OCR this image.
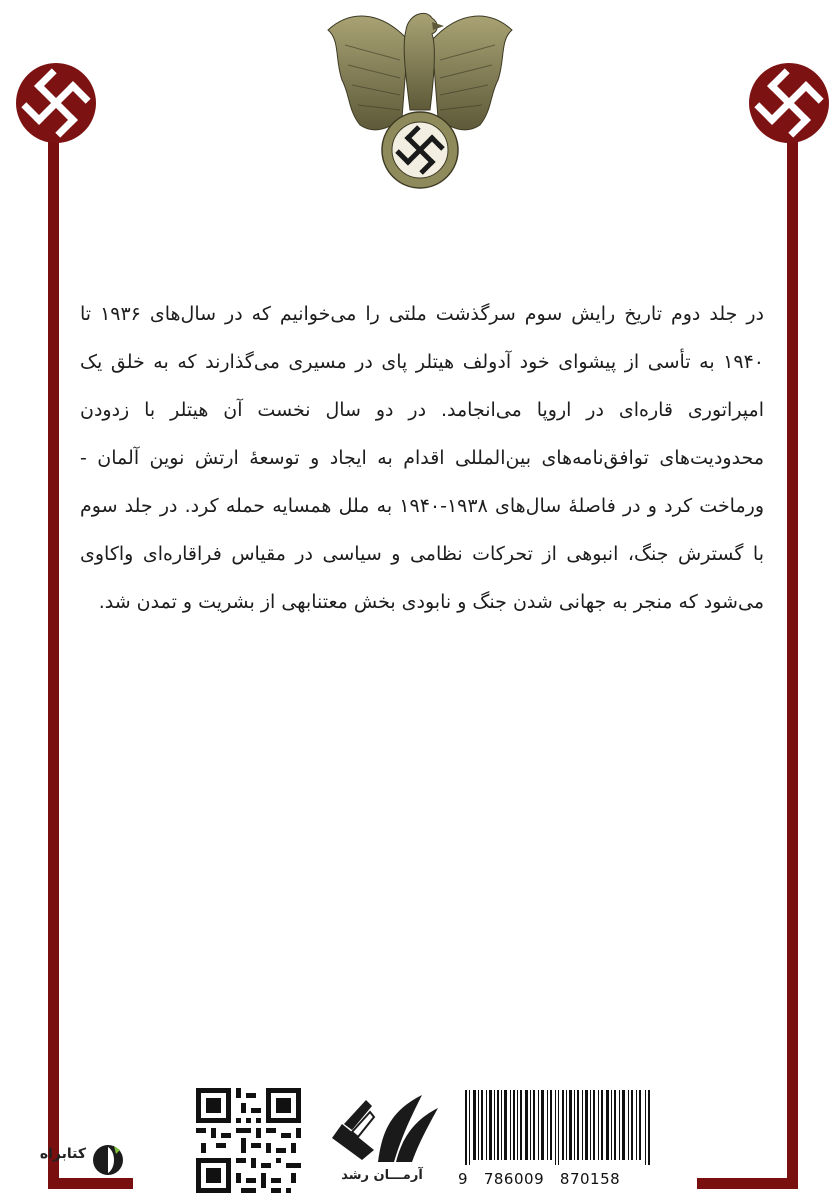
در جلد دوم تاریخ رایش سوم سرگذشت ملتی را می‌خوانیم که در سال‌های ۱۹۳۶ تا ۱۹۴۰ به تأسی از پیشوای خود آدولف هیتلر پای در مسیری می‌گذارند که به خلق یک امپراتوری قاره‌ای در اروپا می‌انجامد. در دو سال نخست آن هیتلر با زدودن محدودیت‌های توافق‌نامه‌های بین‌المللی اقدام به ایجاد و توسعهٔ ارتش نوین آلمان - ورماخت کرد و در فاصلهٔ سال‌های ۱۹۳۸-۱۹۴۰ به ملل همسایه حمله کرد. در جلد سوم با گسترش جنگ، انبوهی از تحرکات نظامی و سیاسی در مقیاس فراقاره‌ای واکاوی می‌شود که منجر به جهانی شدن جنگ و نابودی بخش معتنابهی از بشریت و تمدن شد.

کتابراه
آرمـــان رشد	9   786009   870158
